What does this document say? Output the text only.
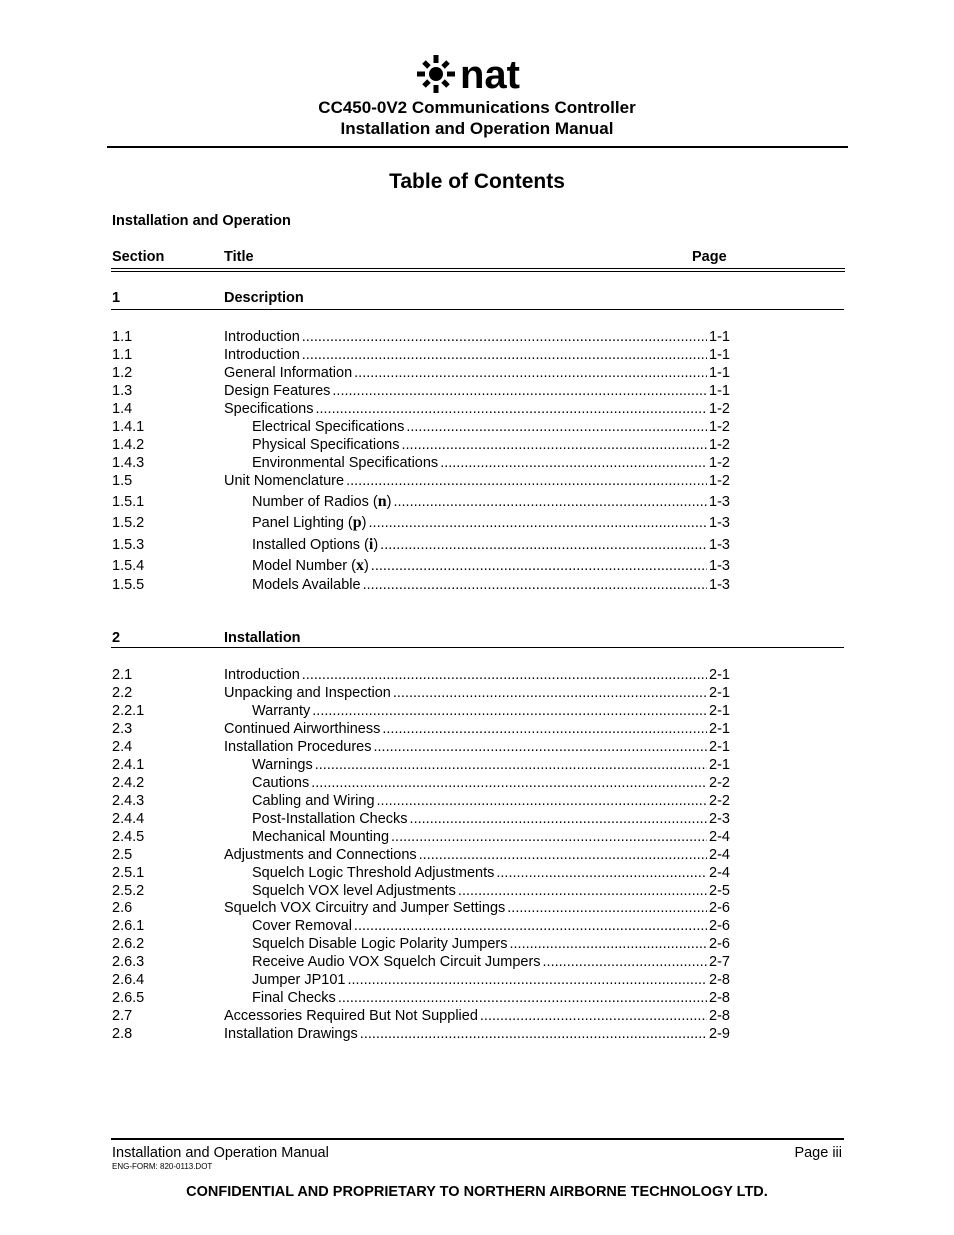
nat
CC450-0V2 Communications Controller
Installation and Operation Manual
Table of Contents
Installation and Operation
Section	Title	Page
1	Description
1.1	Introduction .....	1-1
1.1	Introduction .....	1-1
1.2	General Information .....	1-1
1.3	Design Features .....	1-1
1.4	Specifications .....	1-2
1.4.1	Electrical Specifications .....	1-2
1.4.2	Physical Specifications .....	1-2
1.4.3	Environmental Specifications .....	1-2
1.5	Unit Nomenclature .....	1-2
1.5.1	Number of Radios (n) .....	1-3
1.5.2	Panel Lighting (p) .....	1-3
1.5.3	Installed Options (i) .....	1-3
1.5.4	Model Number (x) .....	1-3
1.5.5	Models Available .....	1-3
2	Installation
2.1	Introduction .....	2-1
2.2	Unpacking and Inspection .....	2-1
2.2.1	Warranty .....	2-1
2.3	Continued Airworthiness .....	2-1
2.4	Installation Procedures .....	2-1
2.4.1	Warnings .....	2-1
2.4.2	Cautions .....	2-2
2.4.3	Cabling and Wiring .....	2-2
2.4.4	Post-Installation Checks .....	2-3
2.4.5	Mechanical Mounting .....	2-4
2.5	Adjustments and Connections .....	2-4
2.5.1	Squelch Logic Threshold Adjustments .....	2-4
2.5.2	Squelch VOX level Adjustments .....	2-5
2.6	Squelch VOX Circuitry and Jumper Settings .....	2-6
2.6.1	Cover Removal .....	2-6
2.6.2	Squelch Disable Logic Polarity Jumpers .....	2-6
2.6.3	Receive Audio VOX Squelch Circuit Jumpers .....	2-7
2.6.4	Jumper JP101 .....	2-8
2.6.5	Final Checks .....	2-8
2.7	Accessories Required But Not Supplied .....	2-8
2.8	Installation Drawings .....	2-9
Installation and Operation Manual	Page iii
ENG-FORM: 820-0113.DOT
CONFIDENTIAL AND PROPRIETARY TO NORTHERN AIRBORNE TECHNOLOGY LTD.
